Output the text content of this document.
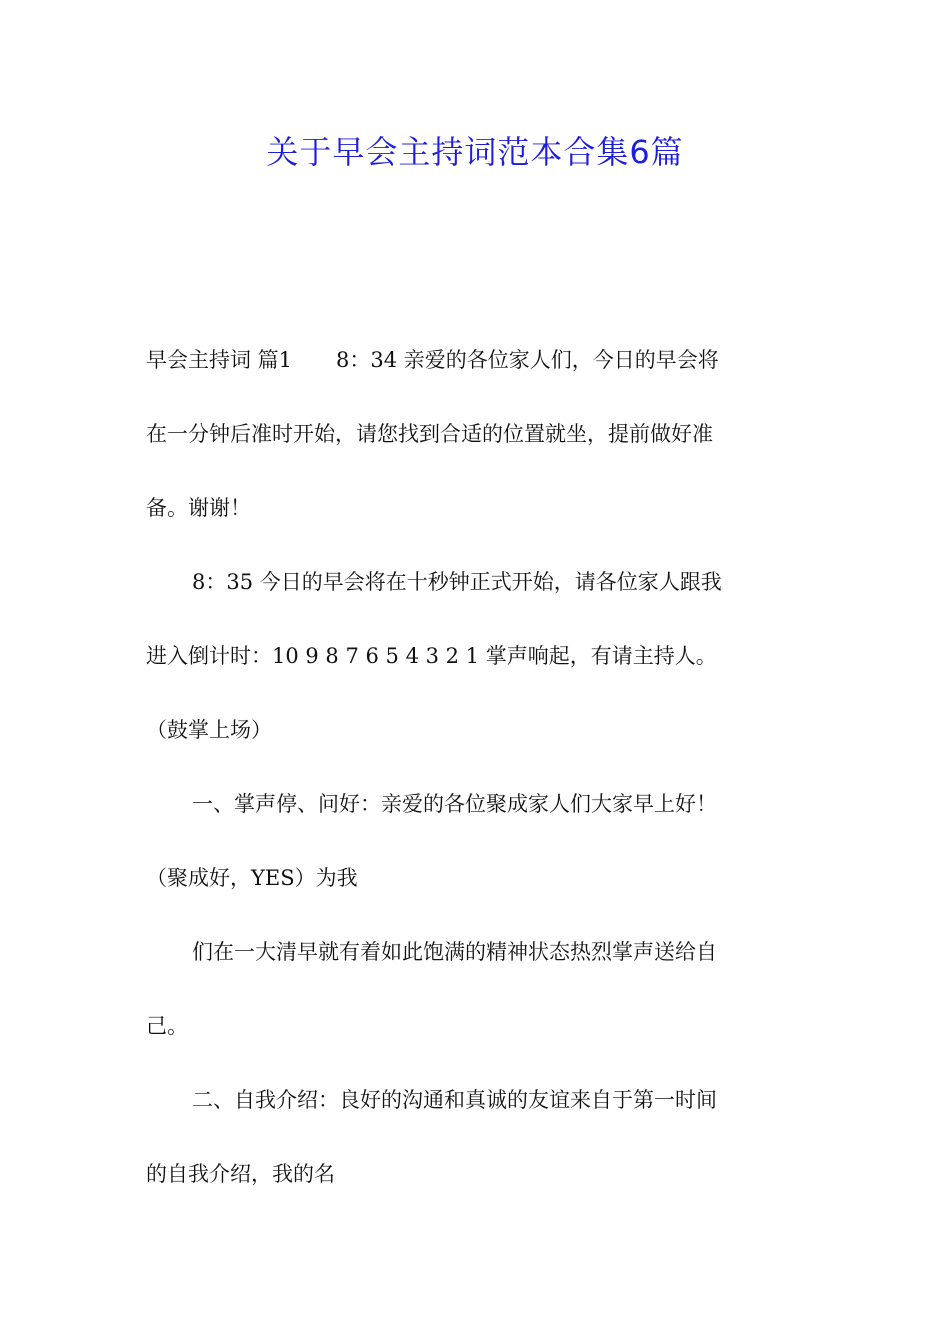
关于早会主持词范本合集6篇
早会主持词 篇1 8：34 亲爱的各位家人们，今日的早会将
在一分钟后准时开始，请您找到合适的位置就坐，提前做好准
备。谢谢！
8：35 今日的早会将在十秒钟正式开始，请各位家人跟我
进入倒计时：10 9 8 7 6 5 4 3 2 1 掌声响起，有请主持人。
（鼓掌上场）
一、掌声停、问好：亲爱的各位聚成家人们大家早上好！
（聚成好，YES）为我
们在一大清早就有着如此饱满的精神状态热烈掌声送给自
己。
二、自我介绍：良好的沟通和真诚的友谊来自于第一时间
的自我介绍，我的名
